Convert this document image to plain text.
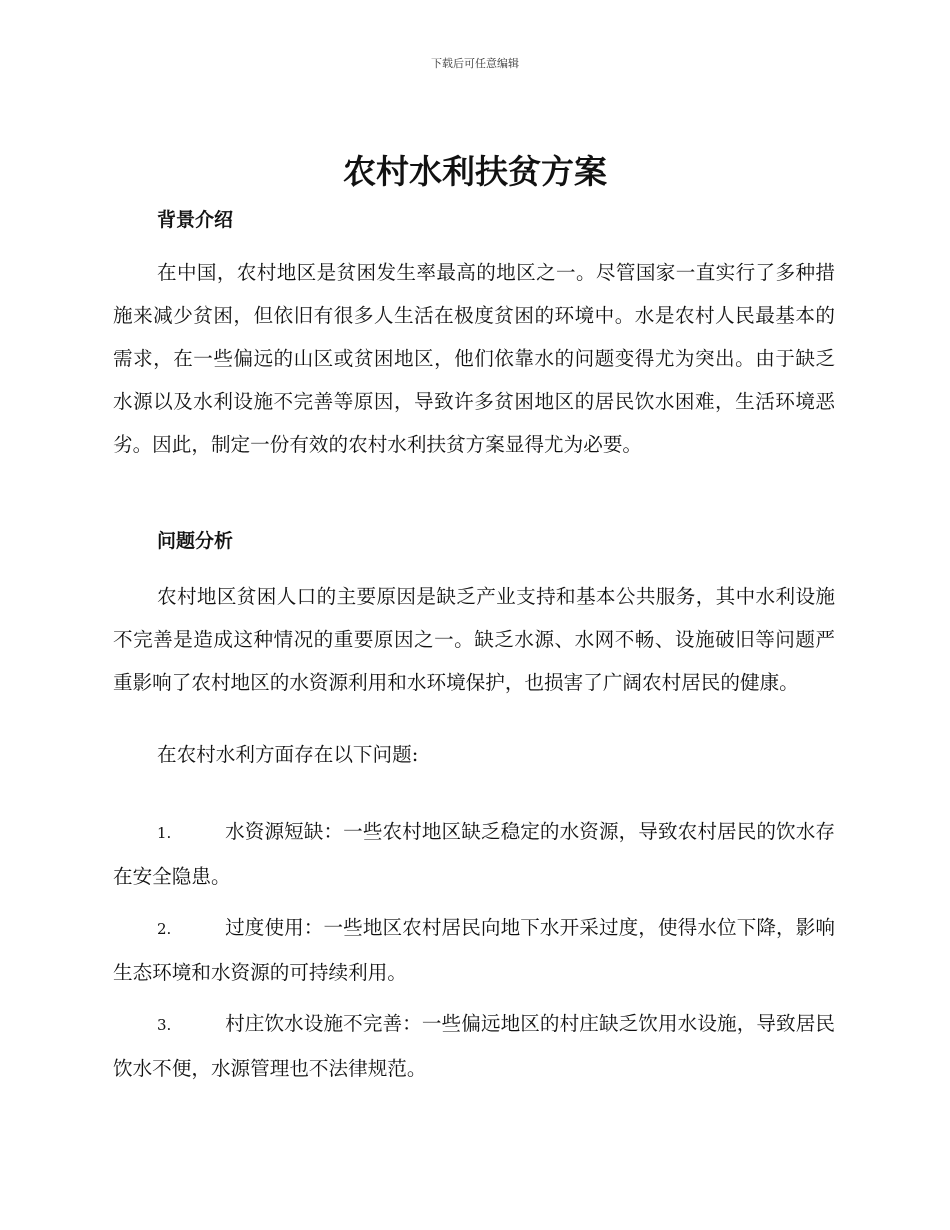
下载后可任意编辑
农村水利扶贫方案
背景介绍

在中国，农村地区是贫困发生率最高的地区之一。尽管国家一直实行了多种措施来减少贫困，但依旧有很多人生活在极度贫困的环境中。水是农村人民最基本的需求，在一些偏远的山区或贫困地区，他们依靠水的问题变得尤为突出。由于缺乏水源以及水利设施不完善等原因，导致许多贫困地区的居民饮水困难，生活环境恶劣。因此，制定一份有效的农村水利扶贫方案显得尤为必要。

问题分析

农村地区贫困人口的主要原因是缺乏产业支持和基本公共服务，其中水利设施不完善是造成这种情况的重要原因之一。缺乏水源、水网不畅、设施破旧等问题严重影响了农村地区的水资源利用和水环境保护，也损害了广阔农村居民的健康。

在农村水利方面存在以下问题:

1.	水资源短缺：一些农村地区缺乏稳定的水资源，导致农村居民的饮水存在安全隐患。

2.	过度使用：一些地区农村居民向地下水开采过度，使得水位下降，影响生态环境和水资源的可持续利用。

3.	村庄饮水设施不完善：一些偏远地区的村庄缺乏饮用水设施，导致居民饮水不便，水源管理也不法律规范。
